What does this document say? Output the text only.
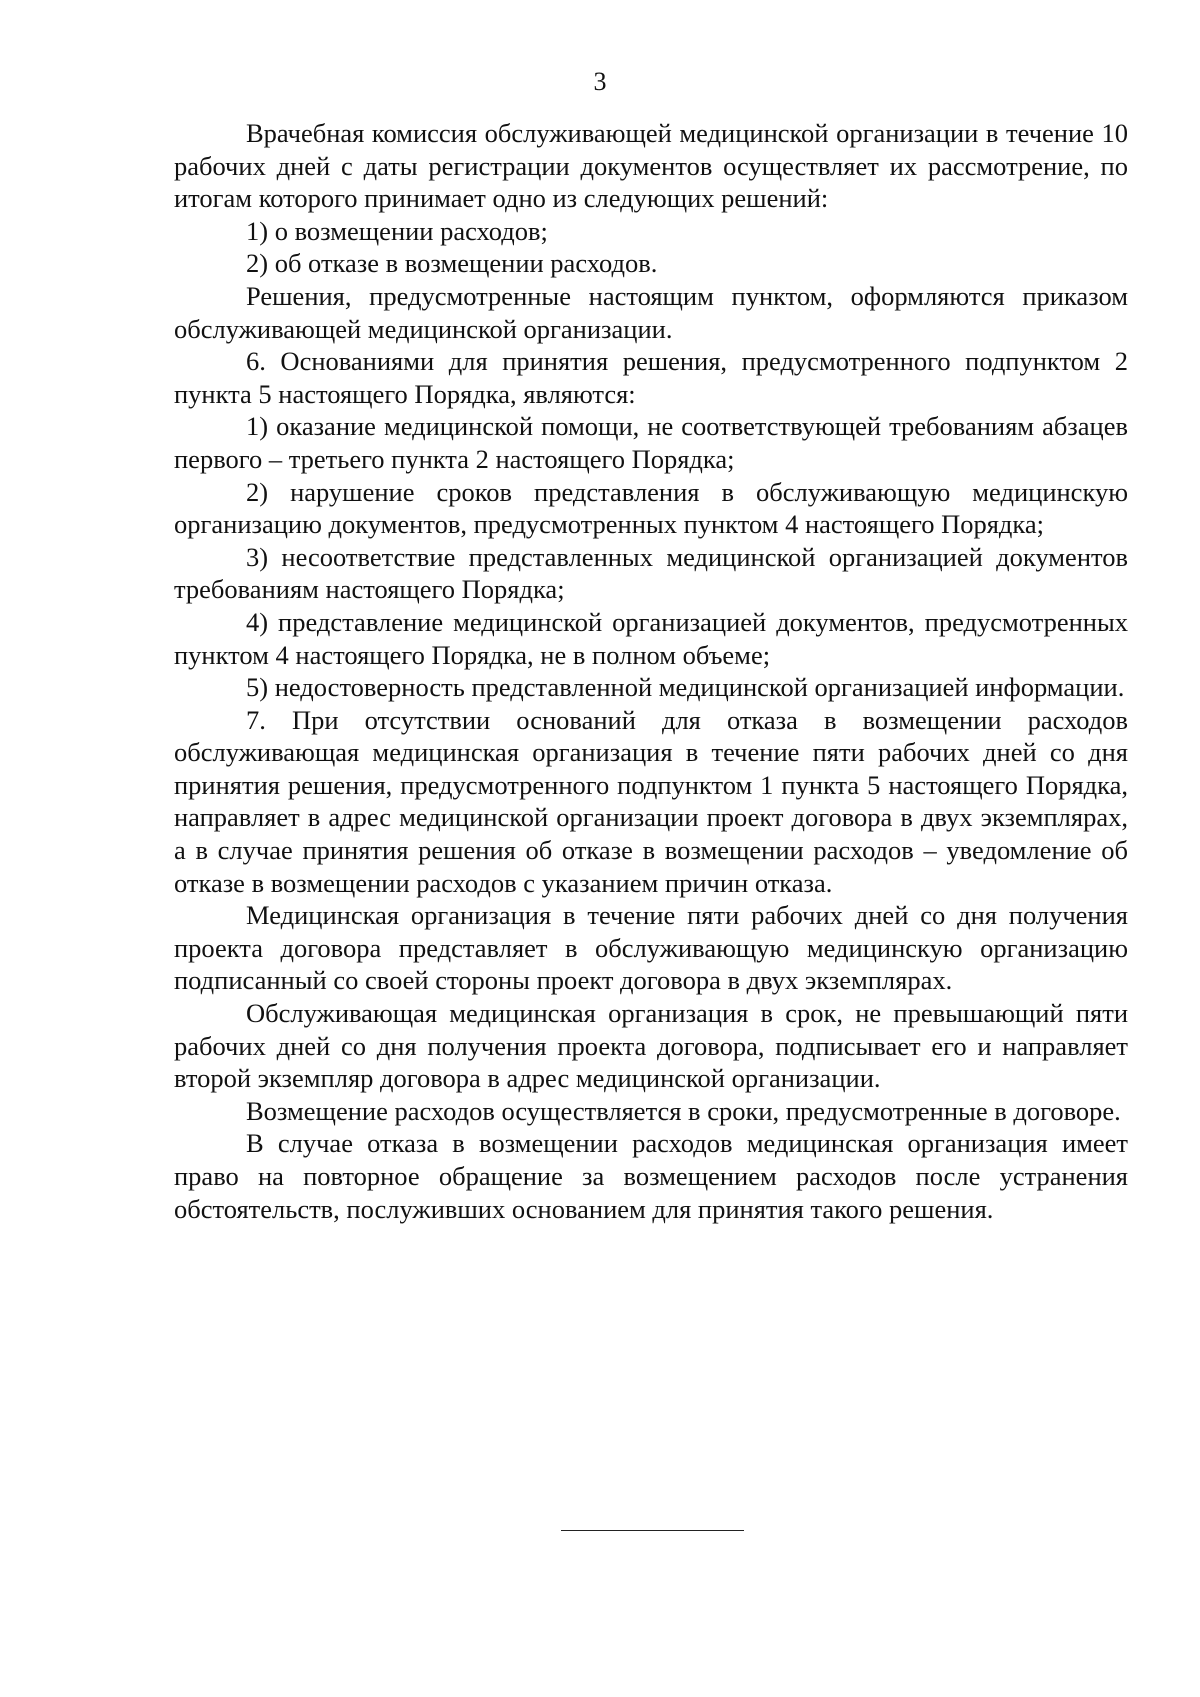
3

Врачебная комиссия обслуживающей медицинской организации в течение 10 рабочих дней с даты регистрации документов осуществляет их рассмотрение, по итогам которого принимает одно из следующих решений:

1) о возмещении расходов;

2) об отказе в возмещении расходов.

Решения, предусмотренные настоящим пунктом, оформляются приказом обслуживающей медицинской организации.

6. Основаниями для принятия решения, предусмотренного подпунктом 2 пункта 5 настоящего Порядка, являются:

1) оказание медицинской помощи, не соответствующей требованиям абзацев первого – третьего пункта 2 настоящего Порядка;

2) нарушение сроков представления в обслуживающую медицинскую организацию документов, предусмотренных пунктом 4 настоящего Порядка;

3) несоответствие представленных медицинской организацией документов требованиям настоящего Порядка;

4) представление медицинской организацией документов, предусмотренных пунктом 4 настоящего Порядка, не в полном объеме;

5) недостоверность представленной медицинской организацией информации.

7. При отсутствии оснований для отказа в возмещении расходов обслуживающая медицинская организация в течение пяти рабочих дней со дня принятия решения, предусмотренного подпунктом 1 пункта 5 настоящего Порядка, направляет в адрес медицинской организации проект договора в двух экземплярах, а в случае принятия решения об отказе в возмещении расходов – уведомление об отказе в возмещении расходов с указанием причин отказа.

Медицинская организация в течение пяти рабочих дней со дня получения проекта договора представляет в обслуживающую медицинскую организацию подписанный со своей стороны проект договора в двух экземплярах.

Обслуживающая медицинская организация в срок, не превышающий пяти рабочих дней со дня получения проекта договора, подписывает его и направляет второй экземпляр договора в адрес медицинской организации.

Возмещение расходов осуществляется в сроки, предусмотренные в договоре.

В случае отказа в возмещении расходов медицинская организация имеет право на повторное обращение за возмещением расходов после устранения обстоятельств, послуживших основанием для принятия такого решения.
